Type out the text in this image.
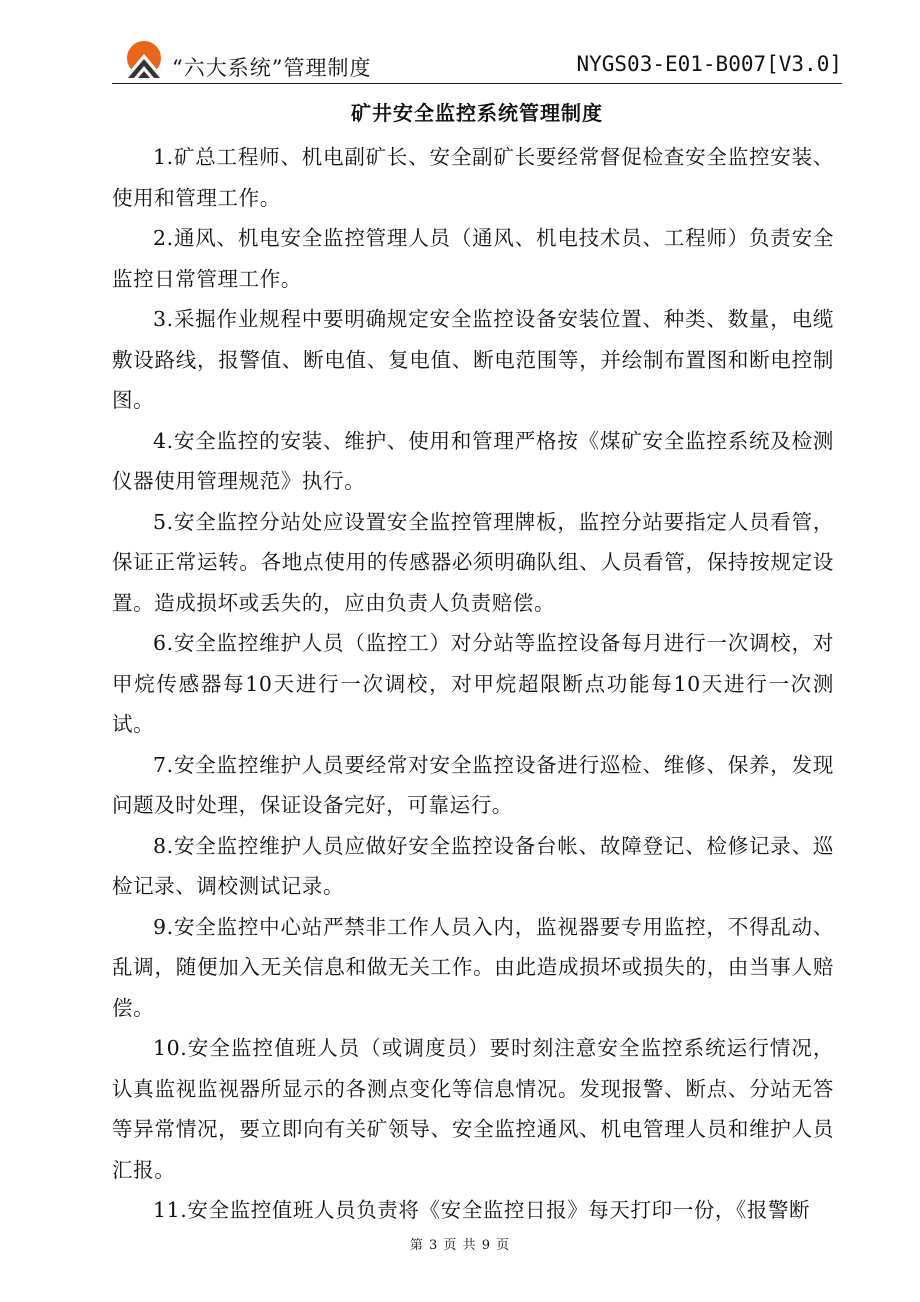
“六大系统”管理制度	NYGS03-E01-B007[V3.0]
矿井安全监控系统管理制度

1.矿总工程师、机电副矿长、安全副矿长要经常督促检查安全监控安装、使用和管理工作。

2.通风、机电安全监控管理人员（通风、机电技术员、工程师）负责安全监控日常管理工作。

3.采掘作业规程中要明确规定安全监控设备安装位置、种类、数量，电缆敷设路线，报警值、断电值、复电值、断电范围等，并绘制布置图和断电控制图。

4.安全监控的安装、维护、使用和管理严格按《煤矿安全监控系统及检测仪器使用管理规范》执行。

5.安全监控分站处应设置安全监控管理牌板，监控分站要指定人员看管，保证正常运转。各地点使用的传感器必须明确队组、人员看管，保持按规定设置。造成损坏或丢失的，应由负责人负责赔偿。

6.安全监控维护人员（监控工）对分站等监控设备每月进行一次调校，对甲烷传感器每10天进行一次调校，对甲烷超限断点功能每10天进行一次测试。

7.安全监控维护人员要经常对安全监控设备进行巡检、维修、保养，发现问题及时处理，保证设备完好，可靠运行。

8.安全监控维护人员应做好安全监控设备台帐、故障登记、检修记录、巡检记录、调校测试记录。

9.安全监控中心站严禁非工作人员入内，监视器要专用监控，不得乱动、乱调，随便加入无关信息和做无关工作。由此造成损坏或损失的，由当事人赔偿。

10.安全监控值班人员（或调度员）要时刻注意安全监控系统运行情况，认真监视监视器所显示的各测点变化等信息情况。发现报警、断点、分站无答等异常情况，要立即向有关矿领导、安全监控通风、机电管理人员和维护人员汇报。

11.安全监控值班人员负责将《安全监控日报》每天打印一份，《报警断

第 3 页 共 9 页
